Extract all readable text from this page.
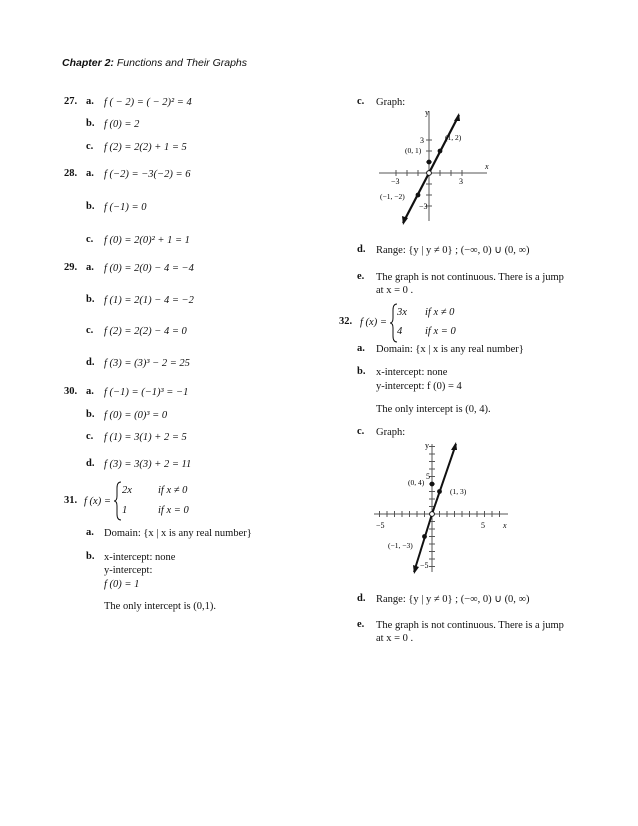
Chapter 2: Functions and Their Graphs
27. a. f ( − 2) = ( − 2)² = 4
b. f (0) = 2
c. f (2) = 2(2) + 1 = 5
28. a. f (−2) = −3(−2) = 6
b. f (−1) = 0
c. f (0) = 2(0)² + 1 = 1
29. a. f (0) = 2(0) − 4 = −4
b. f (1) = 2(1) − 4 = −2
c. f (2) = 2(2) − 4 = 0
d. f (3) = (3)³ − 2 = 25
30. a. f (−1) = (−1)³ = −1
b. f (0) = (0)³ = 0
c. f (1) = 3(1) + 2 = 5
d. f (3) = 3(3) + 2 = 11
31. f (x) =
2x if x ≠ 0
1	if x = 0
a. Domain: {x | x is any real number}
b. x-intercept: none
y-intercept:
f (0) = 1
The only intercept is (0,1).
c. Graph:
y
x
3
−3
3
−3
(0, 1)
(1, 2)
(−1, −2)
d. Range: {y | y ≠ 0} ; (−∞, 0) ∪ (0, ∞)
e. The graph is not continuous. There is a jump
at x = 0 .
32. f (x) =
3x if x ≠ 0
4 if x = 0
a. Domain: {x | x is any real number}
b. x-intercept: none
y-intercept: f (0) = 4
The only intercept is (0, 4).
c. Graph:
y
x
5
−5
5
−5
(0, 4)
(1, 3)
(−1, −3)
d. Range: {y | y ≠ 0} ; (−∞, 0) ∪ (0, ∞)
e. The graph is not continuous. There is a jump
at x = 0 .
